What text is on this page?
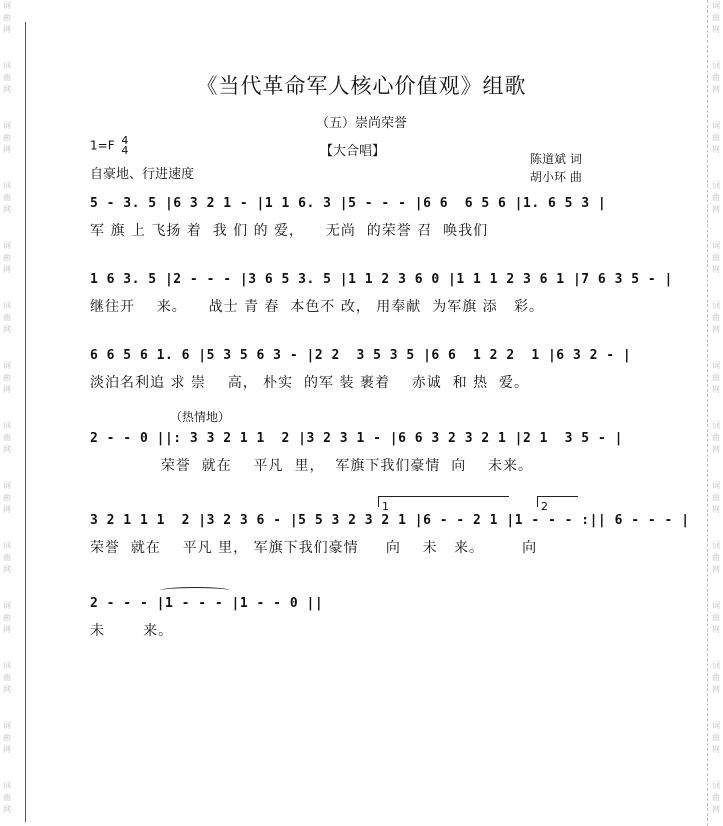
词
曲
网
词
曲
网
词
曲
网
词
曲
网
词
曲
网
词
曲
网
词
曲
网
词
曲
网
词
曲
网
词
曲
网
词
曲
网
词
曲
网
词
曲
网
词
曲
网
词
曲
网
词
曲
网
词
曲
网
词
曲
网
词
曲
网
词
曲
网
词
曲
网
词
曲
网
词
曲
网
词
曲
网
词
曲
网
词
曲
网
词
曲
网
词
曲
网
《当代革命军人核心价值观》组歌
（五）崇尚荣誉
1=F 4
4	【大合唱】
自豪地、行进速度
陈道斌 词
胡小环 曲
5 - 3. 5 |6 3 2 1 - |1 1 6. 3 |5 - - - |6 6  6 5 6 |1. 6 5 3 |
军 旗 上 飞扬 着  我 们 的 爱，    无尚  的荣誉 召  唤我们
1 6 3. 5 |2 - - - |3 6 5 3. 5 |1 1 2 3 6 0 |1 1 1 2 3 6 1 |7 6 3 5 - |
继往开    来。    战士 青 春  本色不 改， 用奉献  为军旗 添   彩。
6 6 5 6 1. 6 |5 3 5 6 3 - |2 2  3 5 3 5 |6 6  1 2 2  1 |6 3 2 - |
淡泊名利追 求 崇    高， 朴实  的军 装 裹着    赤诚  和 热  爱。
（热情地）
2 - - 0 ||: 3 3 2 1 1  2 |3 2 3 1 - |6 6 3 2 3 2 1 |2 1  3 5 - |
荣誉  就在    平凡  里，  军旗下我们豪情  向    未来。
1	2
3 2 1 1 1  2 |3 2 3 6 - |5 5 3 2 3 2 1 |6 - - 2 1 |1 - - - :|| 6 - - - |
荣誉  就在    平凡 里， 军旗下我们豪情     向    未   来。       向
2 - - - |1 - - - |1 - - 0 ||
未       来。
